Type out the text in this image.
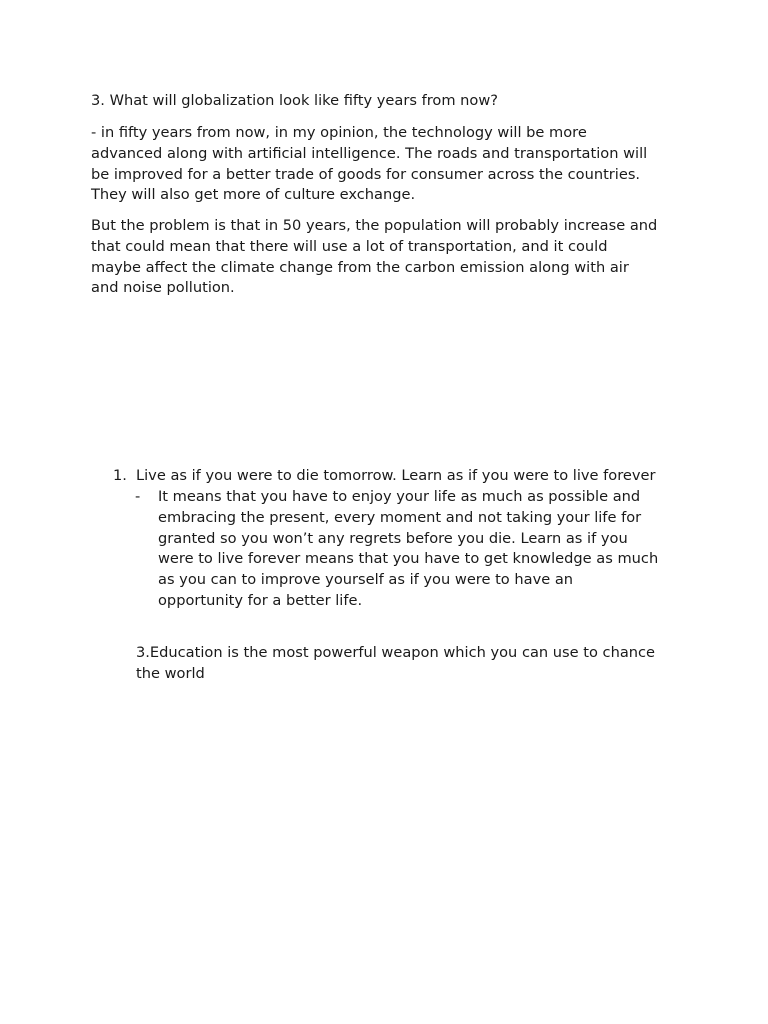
3. What will globalization look like fifty years from now?

- in fifty years from now, in my opinion, the technology will be more
advanced along with artificial intelligence. The roads and transportation will
be improved for a better trade of goods for consumer across the countries.
They will also get more of culture exchange.

But the problem is that in 50 years, the population will probably increase and
that could mean that there will use a lot of transportation, and it could
maybe affect the climate change from the carbon emission along with air
and noise pollution.

1. Live as if you were to die tomorrow. Learn as if you were to live forever
- It means that you have to enjoy your life as much as possible and
embracing the present, every moment and not taking your life for
granted so you won’t any regrets before you die. Learn as if you
were to live forever means that you have to get knowledge as much
as you can to improve yourself as if you were to have an
opportunity for a better life.
3.Education is the most powerful weapon which you can use to chance
the world
